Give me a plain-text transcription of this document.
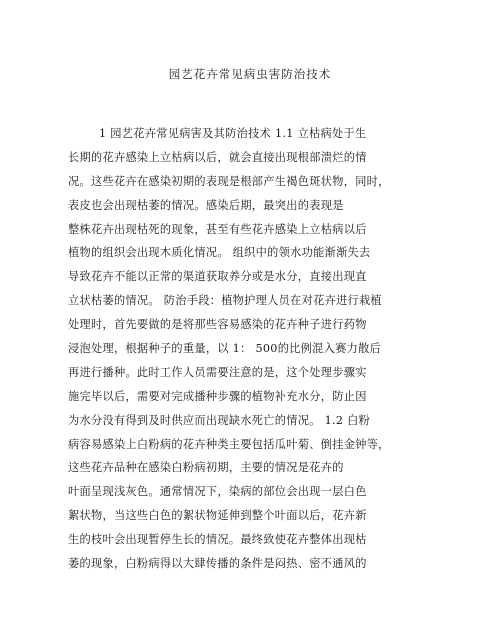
园艺花卉常见病虫害防治技术
1 园艺花卉常见病害及其防治技术 1.1 立枯病处于生
长期的花卉感染上立枯病以后，就会直接出现根部溃烂的情
况。这些花卉在感染初期的表现是根部产生褐色斑状物，同时，
表皮也会出现枯萎的情况。感染后期，最突出的表现是
整株花卉出现枯死的现象，甚至有些花卉感染上立枯病以后
植物的组织会出现木质化情况。 组织中的领水功能渐渐失去
导致花卉不能以正常的渠道获取养分或是水分，直接出现直
立状枯萎的情况。 防治手段：植物护理人员在对花卉进行栽植
处理时，首先要做的是将那些容易感染的花卉种子进行药物
浸泡处理，根据种子的重量，以 1： 500的比例混入赛力散后
再进行播种。此时工作人员需要注意的是，这个处理步骤实
施完毕以后，需要对完成播种步骤的植物补充水分，防止因
为水分没有得到及时供应而出现缺水死亡的情况。 1.2 白粉
病容易感染上白粉病的花卉种类主要包括瓜叶菊、倒挂金钟等，
这些花卉品种在感染白粉病初期，主要的情况是花卉的
叶面呈现浅灰色。通常情况下，染病的部位会出现一层白色
絮状物，当这些白色的絮状物延伸到整个叶面以后，花卉新
生的枝叶会出现暂停生长的情况。最终致使花卉整体出现枯
萎的现象，白粉病得以大肆传播的条件是闷热、密不通风的
